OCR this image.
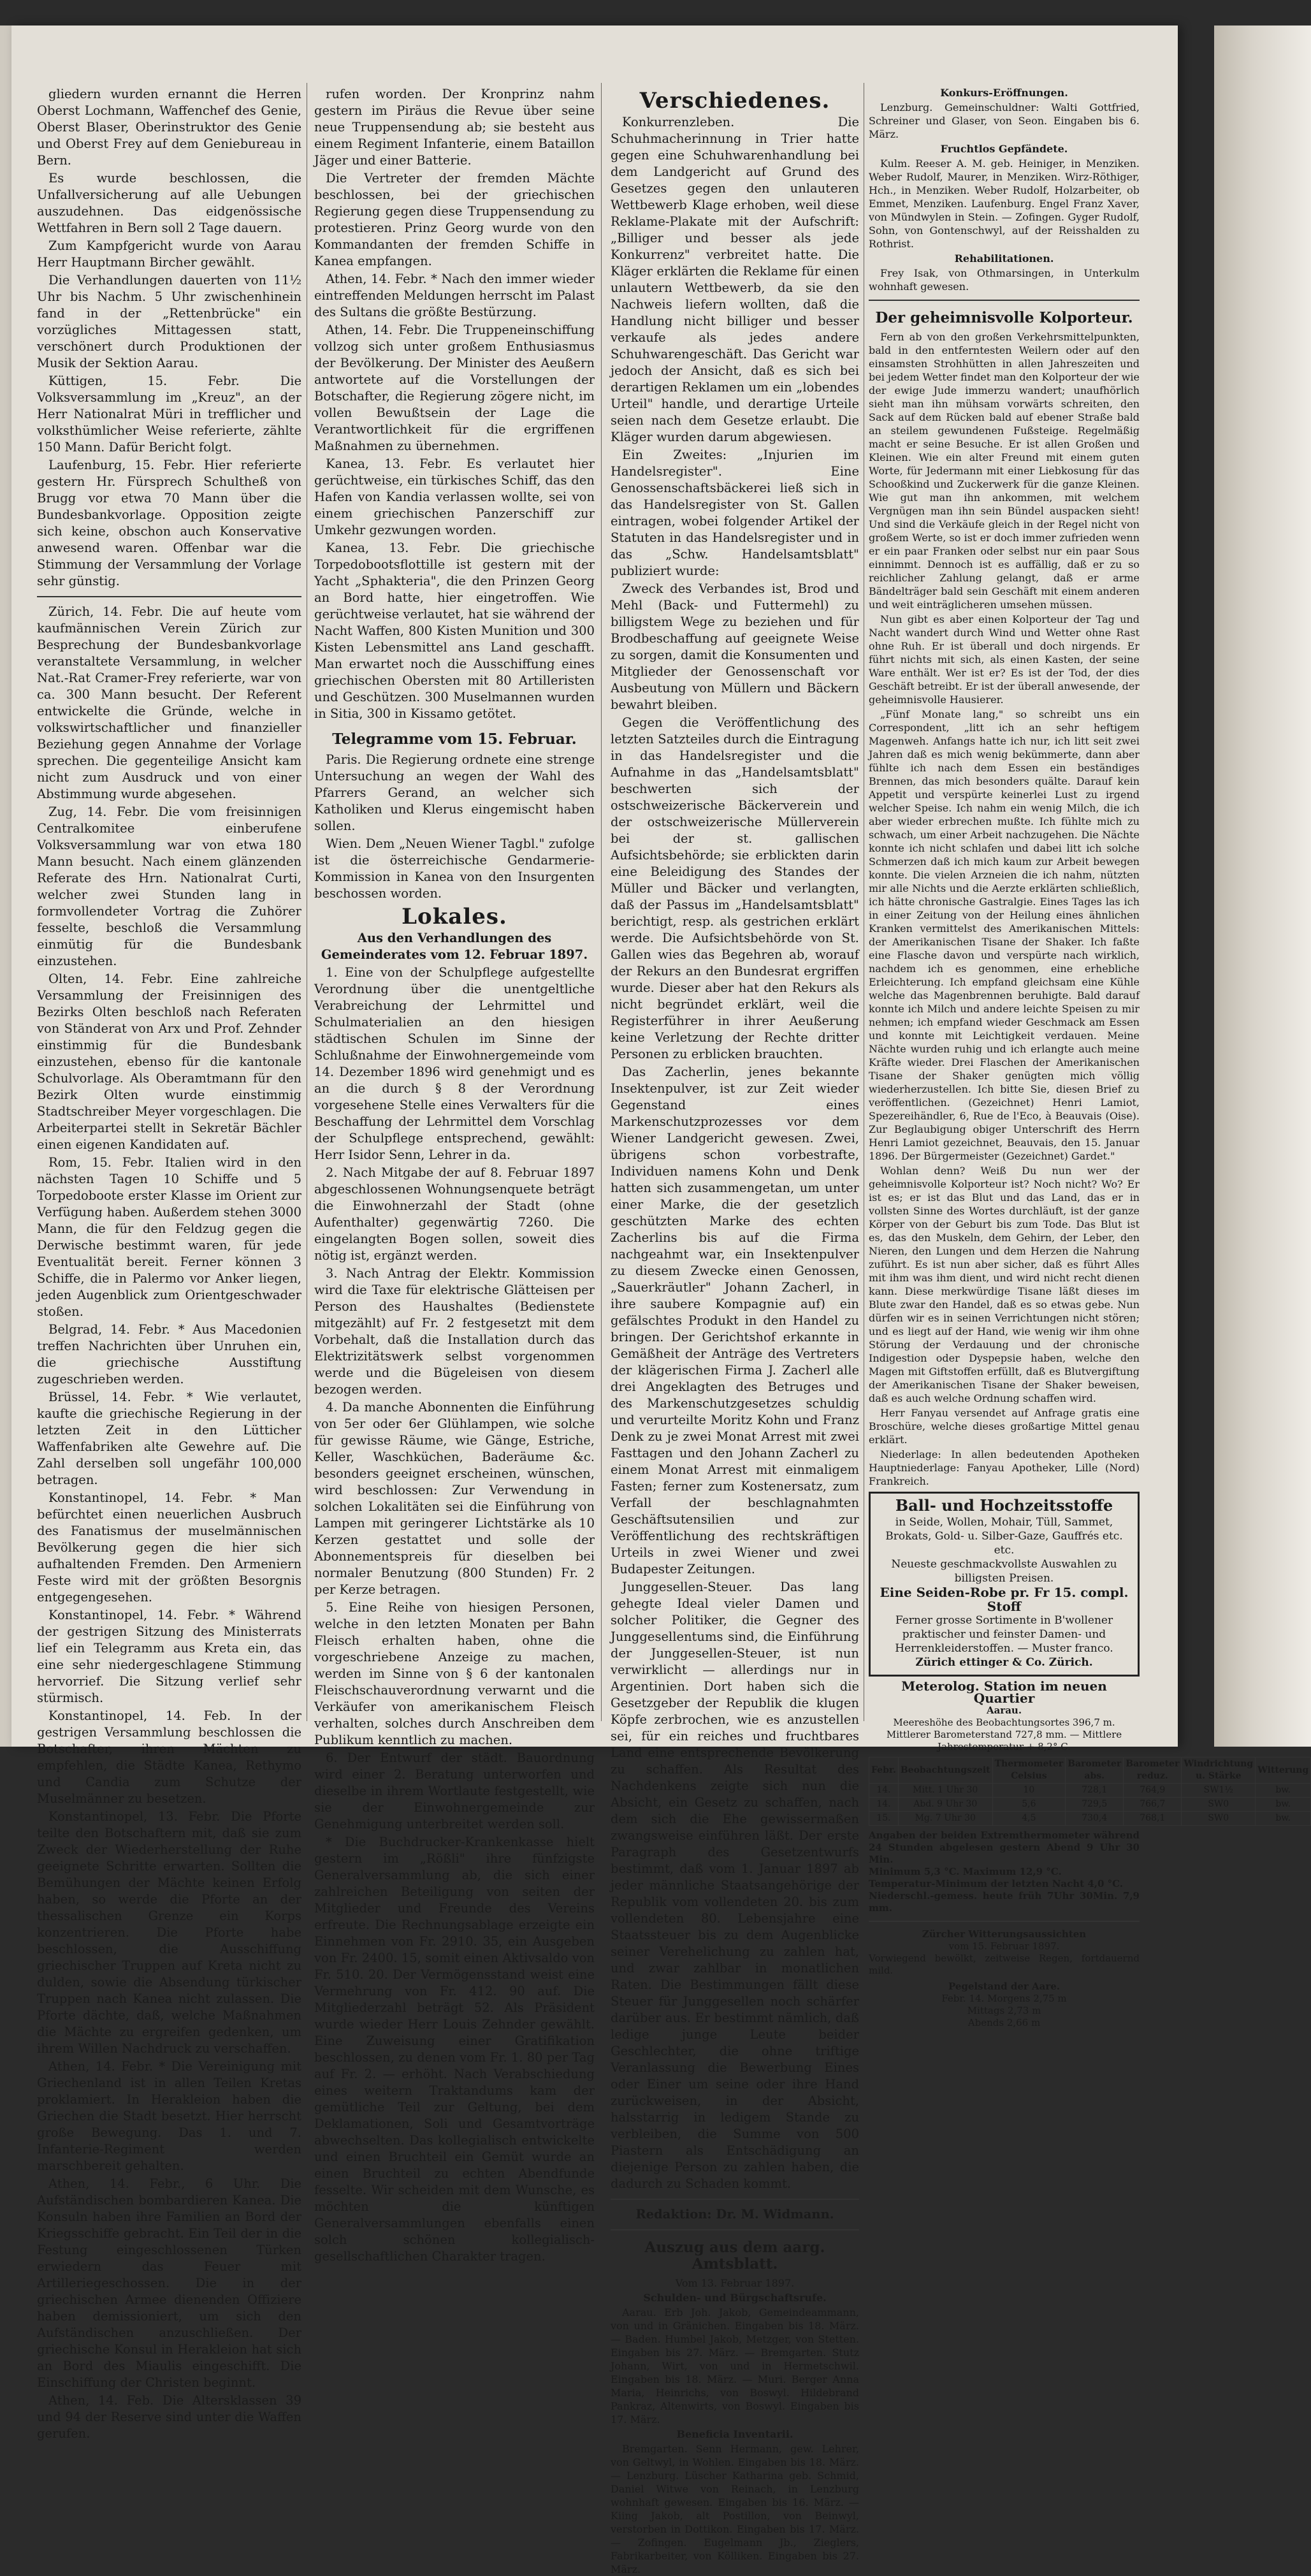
gliedern wurden ernannt die Herren Oberst Lochmann, Waffenchef des Genie, Oberst Blaser, Oberinstruktor des Genie und Oberst Frey auf dem Geniebureau in Bern.

Es wurde beschlossen, die Unfallversicherung auf alle Uebungen auszudehnen. Das eidgenössische Wettfahren in Bern soll 2 Tage dauern.

Zum Kampfgericht wurde von Aarau Herr Hauptmann Bircher gewählt.

Die Verhandlungen dauerten von 11½ Uhr bis Nachm. 5 Uhr zwischenhinein fand in der „Rettenbrücke" ein vorzügliches Mittagessen statt, verschönert durch Produktionen der Musik der Sektion Aarau.

Küttigen, 15. Febr. Die Volksversammlung im „Kreuz", an der Herr Nationalrat Müri in trefflicher und volksthümlicher Weise referierte, zählte 150 Mann. Dafür Bericht folgt.

Laufenburg, 15. Febr. Hier referierte gestern Hr. Fürsprech Schultheß von Brugg vor etwa 70 Mann über die Bundesbankvorlage. Opposition zeigte sich keine, obschon auch Konservative anwesend waren. Offenbar war die Stimmung der Versammlung der Vorlage sehr günstig.

Zürich, 14. Febr. Die auf heute vom kaufmännischen Verein Zürich zur Besprechung der Bundesbankvorlage veranstaltete Versammlung, in welcher Nat.-Rat Cramer-Frey referierte, war von ca. 300 Mann besucht. Der Referent entwickelte die Gründe, welche in volkswirtschaftlicher und finanzieller Beziehung gegen Annahme der Vorlage sprechen. Die gegenteilige Ansicht kam nicht zum Ausdruck und von einer Abstimmung wurde abgesehen.

Zug, 14. Febr. Die vom freisinnigen Centralkomitee einberufene Volksversammlung war von etwa 180 Mann besucht. Nach einem glänzenden Referate des Hrn. Nationalrat Curti, welcher zwei Stunden lang in formvollendeter Vortrag die Zuhörer fesselte, beschloß die Versammlung einmütig für die Bundesbank einzustehen.

Olten, 14. Febr. Eine zahlreiche Versammlung der Freisinnigen des Bezirks Olten beschloß nach Referaten von Ständerat von Arx und Prof. Zehnder einstimmig für die Bundesbank einzustehen, ebenso für die kantonale Schulvorlage. Als Oberamtmann für den Bezirk Olten wurde einstimmig Stadtschreiber Meyer vorgeschlagen. Die Arbeiterpartei stellt in Sekretär Bächler einen eigenen Kandidaten auf.

Rom, 15. Febr. Italien wird in den nächsten Tagen 10 Schiffe und 5 Torpedoboote erster Klasse im Orient zur Verfügung haben. Außerdem stehen 3000 Mann, die für den Feldzug gegen die Derwische bestimmt waren, für jede Eventualität bereit. Ferner können 3 Schiffe, die in Palermo vor Anker liegen, jeden Augenblick zum Orientgeschwader stoßen.

Belgrad, 14. Febr. * Aus Macedonien treffen Nachrichten über Unruhen ein, die griechische Ausstiftung zugeschrieben werden.

Brüssel, 14. Febr. * Wie verlautet, kaufte die griechische Regierung in der letzten Zeit in den Lütticher Waffenfabriken alte Gewehre auf. Die Zahl derselben soll ungefähr 100,000 betragen.

Konstantinopel, 14. Febr. * Man befürchtet einen neuerlichen Ausbruch des Fanatismus der muselmännischen Bevölkerung gegen die hier sich aufhaltenden Fremden. Den Armeniern Feste wird mit der größten Besorgnis entgegengesehen.

Konstantinopel, 14. Febr. * Während der gestrigen Sitzung des Ministerrats lief ein Telegramm aus Kreta ein, das eine sehr niedergeschlagene Stimmung hervorrief. Die Sitzung verlief sehr stürmisch.

Konstantinopel, 14. Feb. In der gestrigen Versammlung beschlossen die Botschafter, ihren Mächten zu empfehlen, die Städte Kanea, Rethymo und Candia zum Schutze der Muselmänner zu besetzen.

Konstantinopel, 13. Febr. Die Pforte teilte den Botschaftern mit, daß sie zum Zweck der Wiederherstellung der Ruhe geeignete Schritte erwarten. Sollten die Bemühungen der Mächte keinen Erfolg haben, so werde die Pforte an der thessalischen Grenze ein Korps konzentrieren. Die Pforte habe beschlossen, die Ausschiffung griechischer Truppen auf Kreta nicht zu dulden, sowie die Absendung türkischer Truppen nach Kanea nicht zulassen. Die Pforte dächte, daß, welche Maßnahmen die Mächte zu ergreifen gedenken, um ihrem Willen Nachdruck zu verschaffen.

Athen, 14. Febr. * Die Vereinigung mit Griechenland ist in allen Teilen Kretas proklamiert. In Herakleion haben die Griechen die Stadt besetzt. Hier herrscht große Bewegung. Das 1. und 7. Infanterie-Regiment werden marschbereit gehalten.

Athen, 14. Febr., 6 Uhr. Die Aufständischen bombardieren Kanea. Die Konsuln haben ihre Familien an Bord der Kriegsschiffe gebracht. Ein Teil der in die Festung eingeschlossenen Türken erwiedern das Feuer mit Artilleriegeschossen. Die in der griechischen Armee dienenden Offiziere haben demissioniert, um sich den Aufständischen anzuschließen. Der griechische Konsul in Herakleion hat sich an Bord des Miaulis eingeschifft. Die Einschiffung der Christen beginnt.

Athen, 14. Feb. Die Altersklassen 39 und 94 der Reserve sind unter die Waffen gerufen.

rufen worden. Der Kronprinz nahm gestern im Piräus die Revue über seine neue Truppensendung ab; sie besteht aus einem Regiment Infanterie, einem Bataillon Jäger und einer Batterie.

Die Vertreter der fremden Mächte beschlossen, bei der griechischen Regierung gegen diese Truppensendung zu protestieren. Prinz Georg wurde von den Kommandanten der fremden Schiffe in Kanea empfangen.

Athen, 14. Febr. * Nach den immer wieder eintreffenden Meldungen herrscht im Palast des Sultans die größte Bestürzung.

Athen, 14. Febr. Die Truppeneinschiffung vollzog sich unter großem Enthusiasmus der Bevölkerung. Der Minister des Aeußern antwortete auf die Vorstellungen der Botschafter, die Regierung zögere nicht, im vollen Bewußtsein der Lage die Verantwortlichkeit für die ergriffenen Maßnahmen zu übernehmen.

Kanea, 13. Febr. Es verlautet hier gerüchtweise, ein türkisches Schiff, das den Hafen von Kandia verlassen wollte, sei von einem griechischen Panzerschiff zur Umkehr gezwungen worden.

Kanea, 13. Febr. Die griechische Torpedobootsflottille ist gestern mit der Yacht „Sphakteria", die den Prinzen Georg an Bord hatte, hier eingetroffen. Wie gerüchtweise verlautet, hat sie während der Nacht Waffen, 800 Kisten Munition und 300 Kisten Lebensmittel ans Land geschafft. Man erwartet noch die Ausschiffung eines griechischen Obersten mit 80 Artilleristen und Geschützen. 300 Muselmannen wurden in Sitia, 300 in Kissamo getötet.

Telegramme vom 15. Februar.

Paris. Die Regierung ordnete eine strenge Untersuchung an wegen der Wahl des Pfarrers Gerand, an welcher sich Katholiken und Klerus eingemischt haben sollen.

Wien. Dem „Neuen Wiener Tagbl." zufolge ist die österreichische Gendarmerie-Kommission in Kanea von den Insurgenten beschossen worden.

Lokales.

Aus den Verhandlungen des Gemeinderates vom 12. Februar 1897.

1. Eine von der Schulpflege aufgestellte Verordnung über die unentgeltliche Verabreichung der Lehrmittel und Schulmaterialien an den hiesigen städtischen Schulen im Sinne der Schlußnahme der Einwohnergemeinde vom 14. Dezember 1896 wird genehmigt und es an die durch § 8 der Verordnung vorgesehene Stelle eines Verwalters für die Beschaffung der Lehrmittel dem Vorschlag der Schulpflege entsprechend, gewählt: Herr Isidor Senn, Lehrer in da.

2. Nach Mitgabe der auf 8. Februar 1897 abgeschlossenen Wohnungsenquete beträgt die Einwohnerzahl der Stadt (ohne Aufenthalter) gegenwärtig 7260. Die eingelangten Bogen sollen, soweit dies nötig ist, ergänzt werden.

3. Nach Antrag der Elektr. Kommission wird die Taxe für elektrische Glätteisen per Person des Haushaltes (Bedienstete mitgezählt) auf Fr. 2 festgesetzt mit dem Vorbehalt, daß die Installation durch das Elektrizitätswerk selbst vorgenommen werde und die Bügeleisen von diesem bezogen werden.

4. Da manche Abonnenten die Einführung von 5er oder 6er Glühlampen, wie solche für gewisse Räume, wie Gänge, Estriche, Keller, Waschküchen, Baderäume &c. besonders geeignet erscheinen, wünschen, wird beschlossen: Zur Verwendung in solchen Lokalitäten sei die Einführung von Lampen mit geringerer Lichtstärke als 10 Kerzen gestattet und solle der Abonnementspreis für dieselben bei normaler Benutzung (800 Stunden) Fr. 2 per Kerze betragen.

5. Eine Reihe von hiesigen Personen, welche in den letzten Monaten per Bahn Fleisch erhalten haben, ohne die vorgeschriebene Anzeige zu machen, werden im Sinne von § 6 der kantonalen Fleischschauverordnung verwarnt und die Verkäufer von amerikanischem Fleisch verhalten, solches durch Anschreiben dem Publikum kenntlich zu machen.

6. Der Entwurf der städt. Bauordnung wird einer 2. Beratung unterworfen und dieselbe in ihrem Wortlaute festgestellt, wie sie der Einwohnergemeinde zur Genehmigung unterbreitet werden soll.

* Die Buchdrucker-Krankenkasse hielt gestern im „Rößli" ihre fünfzigste Generalversammlung ab, die sich einer zahlreichen Beteiligung von seiten der Mitglieder und Freunde des Vereins erfreute. Die Rechnungsablage erzeigte ein Einnehmen von Fr. 2910. 35, ein Ausgeben von Fr. 2400. 15, somit einen Aktivsaldo von Fr. 510. 20. Der Vermögensstand weist eine Vermehrung von Fr. 412. 90 auf. Die Mitgliederzahl beträgt 52. Als Präsident wurde wieder Herr Louis Zehnder gewählt. Eine Zuweisung einer Gratifikation beschlossen, zu denen vom Fr. 1. 80 per Tag auf Fr. 2. — erhöht. Nach Verabschiedung eines weitern Traktandums kam der gemütliche Teil zur Geltung, bei dem Deklamationen, Soli und Gesamtvorträge abwechselten. Das kollegialisch entwickelte und einen Bruchteil ein Gemüt wurde an einen Bruchteil zu echten Abendfunde fesselte. Wir scheiden mit dem Wunsche, es möchten die künftigen Generalversammlungen ebenfalls einen solch schönen kollegialisch-gesellschaftlichen Charakter tragen.

Verschiedenes.

Konkurrenzleben. Die Schuhmacherinnung in Trier hatte gegen eine Schuhwarenhandlung bei dem Landgericht auf Grund des Gesetzes gegen den unlauteren Wettbewerb Klage erhoben, weil diese Reklame-Plakate mit der Aufschrift: „Billiger und besser als jede Konkurrenz" verbreitet hatte. Die Kläger erklärten die Reklame für einen unlautern Wettbewerb, da sie den Nachweis liefern wollten, daß die Handlung nicht billiger und besser verkaufe als jedes andere Schuhwarengeschäft. Das Gericht war jedoch der Ansicht, daß es sich bei derartigen Reklamen um ein „lobendes Urteil" handle, und derartige Urteile seien nach dem Gesetze erlaubt. Die Kläger wurden darum abgewiesen.

Ein Zweites: „Injurien im Handelsregister". Eine Genossenschaftsbäckerei ließ sich in das Handelsregister von St. Gallen eintragen, wobei folgender Artikel der Statuten in das Handelsregister und in das „Schw. Handelsamtsblatt" publiziert wurde:

Zweck des Verbandes ist, Brod und Mehl (Back- und Futtermehl) zu billigstem Wege zu beziehen und für Brodbeschaffung auf geeignete Weise zu sorgen, damit die Konsumenten und Mitglieder der Genossenschaft vor Ausbeutung von Müllern und Bäckern bewahrt bleiben.

Gegen die Veröffentlichung des letzten Satzteiles durch die Eintragung in das Handelsregister und die Aufnahme in das „Handelsamtsblatt" beschwerten sich der ostschweizerische Bäckerverein und der ostschweizerische Müllerverein bei der st. gallischen Aufsichtsbehörde; sie erblickten darin eine Beleidigung des Standes der Müller und Bäcker und verlangten, daß der Passus im „Handelsamtsblatt" berichtigt, resp. als gestrichen erklärt werde. Die Aufsichtsbehörde von St. Gallen wies das Begehren ab, worauf der Rekurs an den Bundesrat ergriffen wurde. Dieser aber hat den Rekurs als nicht begründet erklärt, weil die Registerführer in ihrer Aeußerung keine Verletzung der Rechte dritter Personen zu erblicken brauchten.

Das Zacherlin, jenes bekannte Insektenpulver, ist zur Zeit wieder Gegenstand eines Markenschutzprozesses vor dem Wiener Landgericht gewesen. Zwei, übrigens schon vorbestrafte, Individuen namens Kohn und Denk hatten sich zusammengetan, um unter einer Marke, die der gesetzlich geschützten Marke des echten Zacherlins bis auf die Firma nachgeahmt war, ein Insektenpulver zu diesem Zwecke einen Genossen, „Sauerkräutler" Johann Zacherl, in ihre saubere Kompagnie auf) ein gefälschtes Produkt in den Handel zu bringen. Der Gerichtshof erkannte in Gemäßheit der Anträge des Vertreters der klägerischen Firma J. Zacherl alle drei Angeklagten des Betruges und des Markenschutzgesetzes schuldig und verurteilte Moritz Kohn und Franz Denk zu je zwei Monat Arrest mit zwei Fasttagen und den Johann Zacherl zu einem Monat Arrest mit einmaligem Fasten; ferner zum Kostenersatz, zum Verfall der beschlagnahmten Geschäftsutensilien und zur Veröffentlichung des rechtskräftigen Urteils in zwei Wiener und zwei Budapester Zeitungen.

Junggesellen-Steuer. Das lang gehegte Ideal vieler Damen und solcher Politiker, die Gegner des Junggesellentums sind, die Einführung der Junggesellen-Steuer, ist nun verwirklicht — allerdings nur in Argentinien. Dort haben sich die Gesetzgeber der Republik die klugen Köpfe zerbrochen, wie es anzustellen sei, für ein reiches und fruchtbares Land eine entsprechende Bevölkerung zu schaffen. Als Resultat des Nachdenkens zeigte sich nun die Absicht, ein Gesetz zu schaffen, nach dem sich die Ehe gewissermaßen zwangsweise einführen läßt. Der erste Paragraph des Gesetzentwurfs bestimmt, daß vom 1. Januar 1897 ab jeder männliche Staatsangehörige der Republik vom vollendeten 20. bis zum vollendeten 80. Lebensjahre eine Staatssteuer bis zu dem Augenblicke seiner Verehelichung zu zahlen hat, und zwar zahlbar in monatlichen Raten. Die Bestimmungen fällt diese Steuer für Junggesellen noch schärfer darüber aus. Er bestimmt nämlich, daß ledige junge Leute beider Geschlechter, die ohne triftige Veranlassung die Bewerbung Eines oder Einer um seine oder ihre Hand zurückweisen, in der Absicht, halsstarrig in ledigem Stande zu verbleiben, die Summe von 500 Piastern als Entschädigung an diejenige Person zu zahlen haben, die dadurch zu Schaden kommt.

Redaktion: Dr. M. Widmann.

Auszug aus dem aarg. Amtsblatt.

Vom 13. Februar 1897.

Schulden- und Bürgschaftsrufe.

Aarau. Erb Joh. Jakob, Gemeindeammann, von und in Gränichen. Eingaben bis 18. März. — Baden. Humbel Jakob, Metzger, von Stetten. Eingaben bis 27. März. — Bremgarten. Stutz Johann, Wirt, von und in Hermetschwil. Eingaben bis 18. März. — Muri. Berger Anna Maria, Heinrichs, von Boswyl. Hildebrand Pankraz, Altenwirts, von Boswyl. Eingaben bis 17. März.

Beneficia Inventarii.

Bremgarten. Senn Hermann, gew. Lehrer, von Geltwyl, in Wohlen. Eingaben bis 18. März. — Lenzburg. Lüscher Katharina geb. Schmid, Daniel Witwe von Reinach, in Lenzburg wohnhaft gewesen. Eingaben bis 16. März. — Kiing Jakob, alt Postillon, von Beinwyl, verstorben in Dottikon. Eingaben bis 17. März. — Zofingen. Eugelmann Jb., Zieglers, Fabrikarbeiter, von Kölliken. Eingaben bis 27. März.

Konkurs-Eröffnungen.

Lenzburg. Gemeinschuldner: Walti Gottfried, Schreiner und Glaser, von Seon. Eingaben bis 6. März.

Fruchtlos Gepfändete.

Kulm. Reeser A. M. geb. Heiniger, in Menziken. Weber Rudolf, Maurer, in Menziken. Wirz-Röthiger, Hch., in Menziken. Weber Rudolf, Holzarbeiter, ob Emmet, Menziken. Laufenburg. Engel Franz Xaver, von Mündwylen in Stein. — Zofingen. Gyger Rudolf, Sohn, von Gontenschwyl, auf der Reisshalden zu Rothrist.

Rehabilitationen.

Frey Isak, von Othmarsingen, in Unterkulm wohnhaft gewesen.

Der geheimnisvolle Kolporteur.

Fern ab von den großen Verkehrsmittelpunkten, bald in den entferntesten Weilern oder auf den einsamsten Strohhütten in allen Jahreszeiten und bei jedem Wetter findet man den Kolporteur der wie der ewige Jude immerzu wandert; unaufhörlich sieht man ihn mühsam vorwärts schreiten, den Sack auf dem Rücken bald auf ebener Straße bald an steilem gewundenen Fußsteige. Regelmäßig macht er seine Besuche. Er ist allen Großen und Kleinen. Wie ein alter Freund mit einem guten Worte, für Jedermann mit einer Liebkosung für das Schooßkind und Zuckerwerk für die ganze Kleinen. Wie gut man ihn ankommen, mit welchem Vergnügen man ihn sein Bündel auspacken sieht! Und sind die Verkäufe gleich in der Regel nicht von großem Werte, so ist er doch immer zufrieden wenn er ein paar Franken oder selbst nur ein paar Sous einnimmt. Dennoch ist es auffällig, daß er zu so reichlicher Zahlung gelangt, daß er arme Bändelträger bald sein Geschäft mit einem anderen und weit einträglicheren umsehen müssen.

Nun gibt es aber einen Kolporteur der Tag und Nacht wandert durch Wind und Wetter ohne Rast ohne Ruh. Er ist überall und doch nirgends. Er führt nichts mit sich, als einen Kasten, der seine Ware enthält. Wer ist er? Es ist der Tod, der dies Geschäft betreibt. Er ist der überall anwesende, der geheimnisvolle Hausierer.

„Fünf Monate lang," so schreibt uns ein Correspondent, „litt ich an sehr heftigem Magenweh. Anfangs hatte ich nur, ich litt seit zwei Jahren daß es mich wenig bekümmerte, dann aber fühlte ich nach dem Essen ein beständiges Brennen, das mich besonders quälte. Darauf kein Appetit und verspürte keinerlei Lust zu irgend welcher Speise. Ich nahm ein wenig Milch, die ich aber wieder erbrechen mußte. Ich fühlte mich zu schwach, um einer Arbeit nachzugehen. Die Nächte konnte ich nicht schlafen und dabei litt ich solche Schmerzen daß ich mich kaum zur Arbeit bewegen konnte. Die vielen Arzneien die ich nahm, nützten mir alle Nichts und die Aerzte erklärten schließlich, ich hätte chronische Gastralgie. Eines Tages las ich in einer Zeitung von der Heilung eines ähnlichen Kranken vermittelst des Amerikanischen Mittels: der Amerikanischen Tisane der Shaker. Ich faßte eine Flasche davon und verspürte nach wirklich, nachdem ich es genommen, eine erhebliche Erleichterung. Ich empfand gleichsam eine Kühle welche das Magenbrennen beruhigte. Bald darauf konnte ich Milch und andere leichte Speisen zu mir nehmen; ich empfand wieder Geschmack am Essen und konnte mit Leichtigkeit verdauen. Meine Nächte wurden ruhig und ich erlangte auch meine Kräfte wieder. Drei Flaschen der Amerikanischen Tisane der Shaker genügten mich völlig wiederherzustellen. Ich bitte Sie, diesen Brief zu veröffentlichen. (Gezeichnet) Henri Lamiot, Spezereihändler, 6, Rue de l'Eco, à Beauvais (Oise). Zur Beglaubigung obiger Unterschrift des Herrn Henri Lamiot gezeichnet, Beauvais, den 15. Januar 1896. Der Bürgermeister (Gezeichnet) Gardet."

Wohlan denn? Weiß Du nun wer der geheimnisvolle Kolporteur ist? Noch nicht? Wo? Er ist es; er ist das Blut und das Land, das er in vollsten Sinne des Wortes durchläuft, ist der ganze Körper von der Geburt bis zum Tode. Das Blut ist es, das den Muskeln, dem Gehirn, der Leber, den Nieren, den Lungen und dem Herzen die Nahrung zuführt. Es ist nun aber sicher, daß es führt Alles mit ihm was ihm dient, und wird nicht recht dienen kann. Diese merkwürdige Tisane läßt dieses im Blute zwar den Handel, daß es so etwas gebe. Nun dürfen wir es in seinen Verrichtungen nicht stören; und es liegt auf der Hand, wie wenig wir ihm ohne Störung der Verdauung und der chronische Indigestion oder Dyspepsie haben, welche den Magen mit Giftstoffen erfüllt, daß es Blutvergiftung der Amerikanischen Tisane der Shaker beweisen, daß es auch welche Ordnung schaffen wird.

Herr Fanyau versendet auf Anfrage gratis eine Broschüre, welche dieses großartige Mittel genau erklärt.

Niederlage: In allen bedeutenden Apotheken Hauptniederlage: Fanyau Apotheker, Lille (Nord) Frankreich.

Ball- und Hochzeitsstoffe
in Seide, Wollen, Mohair, Tüll, Sammet,
Brokats, Gold- u. Silber-Gaze, Gauffrés etc. etc.
Neueste geschmackvollste Auswahlen zu billigsten Preisen.
Eine Seiden-Robe pr. Fr 15. compl. Stoff
Ferner grosse Sortimente in B'wollener praktischer und feinster Damen- und Herrenkleiderstoffen. — Muster franco.
Zürich ettinger & Co. Zürich.
Meterolog. Station im neuen Quartier
Aarau.
Meereshöhe des Beobachtungsortes 396,7 m.
Mittlerer Barometerstand 727,8 mm. — Mittlere Jahrestemperatur + 8,2° C.
Febr.	Beobachtungszeit	Thermometer Celsius	Barometer abs.	Barometer reduz.	Windrichtung u. Stärke	Witterung
14.	Mitt. 1 Uhr 30	10	728,1	764,9	SW1½	bw.
14.	Abd. 9 Uhr 30	5,6	729,5	766,7	SW0	bw.
15.	Mg. 7 Uhr 30	4,5	730,4	768,1	SW0	bw.
Angaben der beiden Extremthermometer während 24 Stunden abgelesen gestern Abend 9 Uhr 30 Min.
Minimum 5,3 °C. Maximum 12,9 °C.
Temperatur-Minimum der letzten Nacht 4,0 °C.
Niederschl.-gemess. heute früh 7Uhr 30Min. 7,9 mm.
Zürcher Witterungsaussichten
vom 15. Februar 1897.
Vorwiegend bewölkt, zeitweise Regen, fortdauernd mild.
Pegelstand der Aare.
Febr. 14. Morgens 2,75 m
Mittags 2,73 m
Abends 2,66 m
